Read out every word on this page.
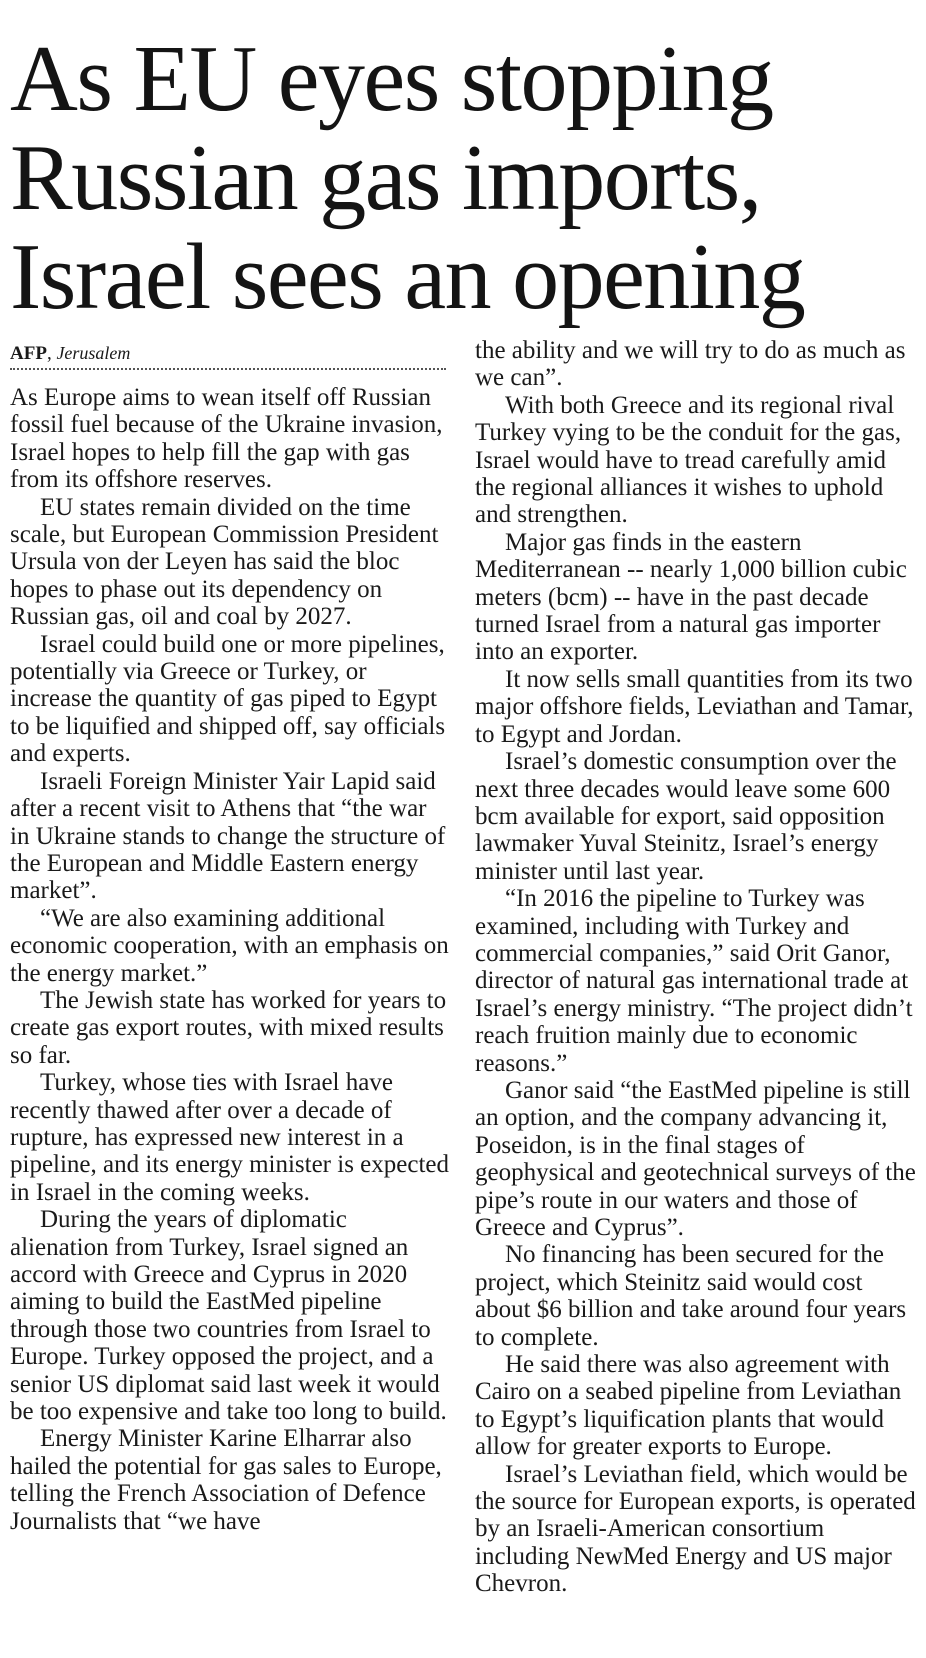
As EU eyes stopping Russian gas imports, Israel sees an opening
AFP, Jerusalem

As Europe aims to wean itself off Russian fossil fuel because of the Ukraine invasion, Israel hopes to help fill the gap with gas from its offshore reserves.

EU states remain divided on the time scale, but European Commission President Ursula von der Leyen has said the bloc hopes to phase out its dependency on Russian gas, oil and coal by 2027.

Israel could build one or more pipelines, potentially via Greece or Turkey, or increase the quantity of gas piped to Egypt to be liquified and shipped off, say officials and experts.

Israeli Foreign Minister Yair Lapid said after a recent visit to Athens that “the war in Ukraine stands to change the structure of the European and Middle Eastern energy market”.

“We are also examining additional economic cooperation, with an emphasis on the energy market.”

The Jewish state has worked for years to create gas export routes, with mixed results so far.

Turkey, whose ties with Israel have recently thawed after over a decade of rupture, has expressed new interest in a pipeline, and its energy minister is expected in Israel in the coming weeks.

During the years of diplomatic alienation from Turkey, Israel signed an accord with Greece and Cyprus in 2020 aiming to build the EastMed pipeline through those two countries from Israel to Europe. Turkey opposed the project, and a senior US diplomat said last week it would be too expensive and take too long to build.

Energy Minister Karine Elharrar also hailed the potential for gas sales to Europe, telling the French Association of Defence Journalists that “we have

the ability and we will try to do as much as we can”.

With both Greece and its regional rival Turkey vying to be the conduit for the gas, Israel would have to tread carefully amid the regional alliances it wishes to uphold and strengthen.

Major gas finds in the eastern Mediterranean -- nearly 1,000 billion cubic meters (bcm) -- have in the past decade turned Israel from a natural gas importer into an exporter.

It now sells small quantities from its two major offshore fields, Leviathan and Tamar, to Egypt and Jordan.

Israel’s domestic consumption over the next three decades would leave some 600 bcm available for export, said opposition lawmaker Yuval Steinitz, Israel’s energy minister until last year.

“In 2016 the pipeline to Turkey was examined, including with Turkey and commercial companies,” said Orit Ganor, director of natural gas international trade at Israel’s energy ministry. “The project didn’t reach fruition mainly due to economic reasons.”

Ganor said “the EastMed pipeline is still an option, and the company advancing it, Poseidon, is in the final stages of geophysical and geotechnical surveys of the pipe’s route in our waters and those of Greece and Cyprus”.

No financing has been secured for the project, which Steinitz said would cost about $6 billion and take around four years to complete.

He said there was also agreement with Cairo on a seabed pipeline from Leviathan to Egypt’s liquification plants that would allow for greater exports to Europe.

Israel’s Leviathan field, which would be the source for European exports, is operated by an Israeli-American consortium including NewMed Energy and US major Chevron.
